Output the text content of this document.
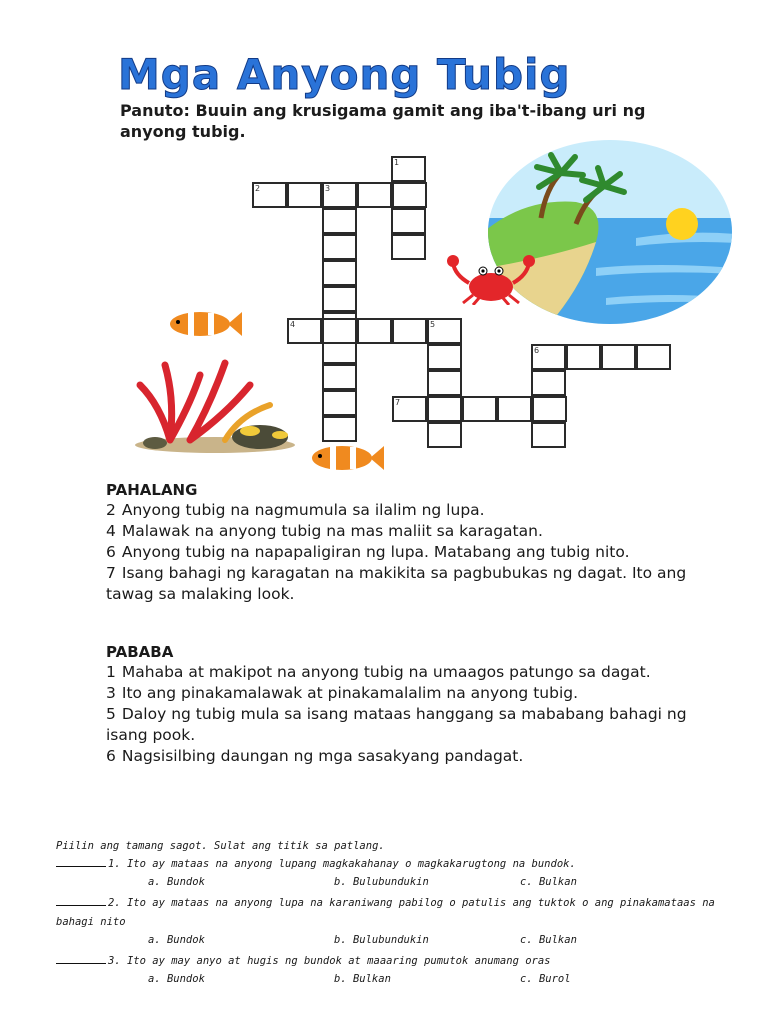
Mga Anyong Tubig

Panuto: Buuin ang krusigama gamit ang iba't-ibang uri ng anyong tubig.

1
2	3
4	5
6
7

PAHALANG

2 Anyong tubig na nagmumula sa ilalim ng lupa.

4 Malawak na anyong tubig na mas maliit sa karagatan.

6 Anyong tubig na napapaligiran ng lupa. Matabang ang tubig nito.

7 Isang bahagi ng karagatan na makikita sa pagbubukas ng dagat. Ito ang tawag sa malaking look.

PABABA

1 Mahaba at makipot na anyong tubig na umaagos patungo sa dagat.

3 Ito ang pinakamalawak at pinakamalalim na anyong tubig.

5 Daloy ng tubig mula sa isang mataas hanggang sa mababang bahagi ng isang pook.

6 Nagsisilbing daungan ng mga sasakyang pandagat.

Piilin ang tamang sagot. Sulat ang titik sa patlang.

1. Ito ay mataas na anyong lupang magkakahanay o magkakarugtong na bundok.

a. Bundok	b. Bulubundukin	c. Bulkan

2. Ito ay mataas na anyong lupa na karaniwang pabilog o patulis ang tuktok o ang pinakamataas na

bahagi nito

a. Bundok	b. Bulubundukin	c. Bulkan

3. Ito ay may anyo at hugis ng bundok at maaaring pumutok anumang oras

a. Bundok	b. Bulkan	c. Burol
